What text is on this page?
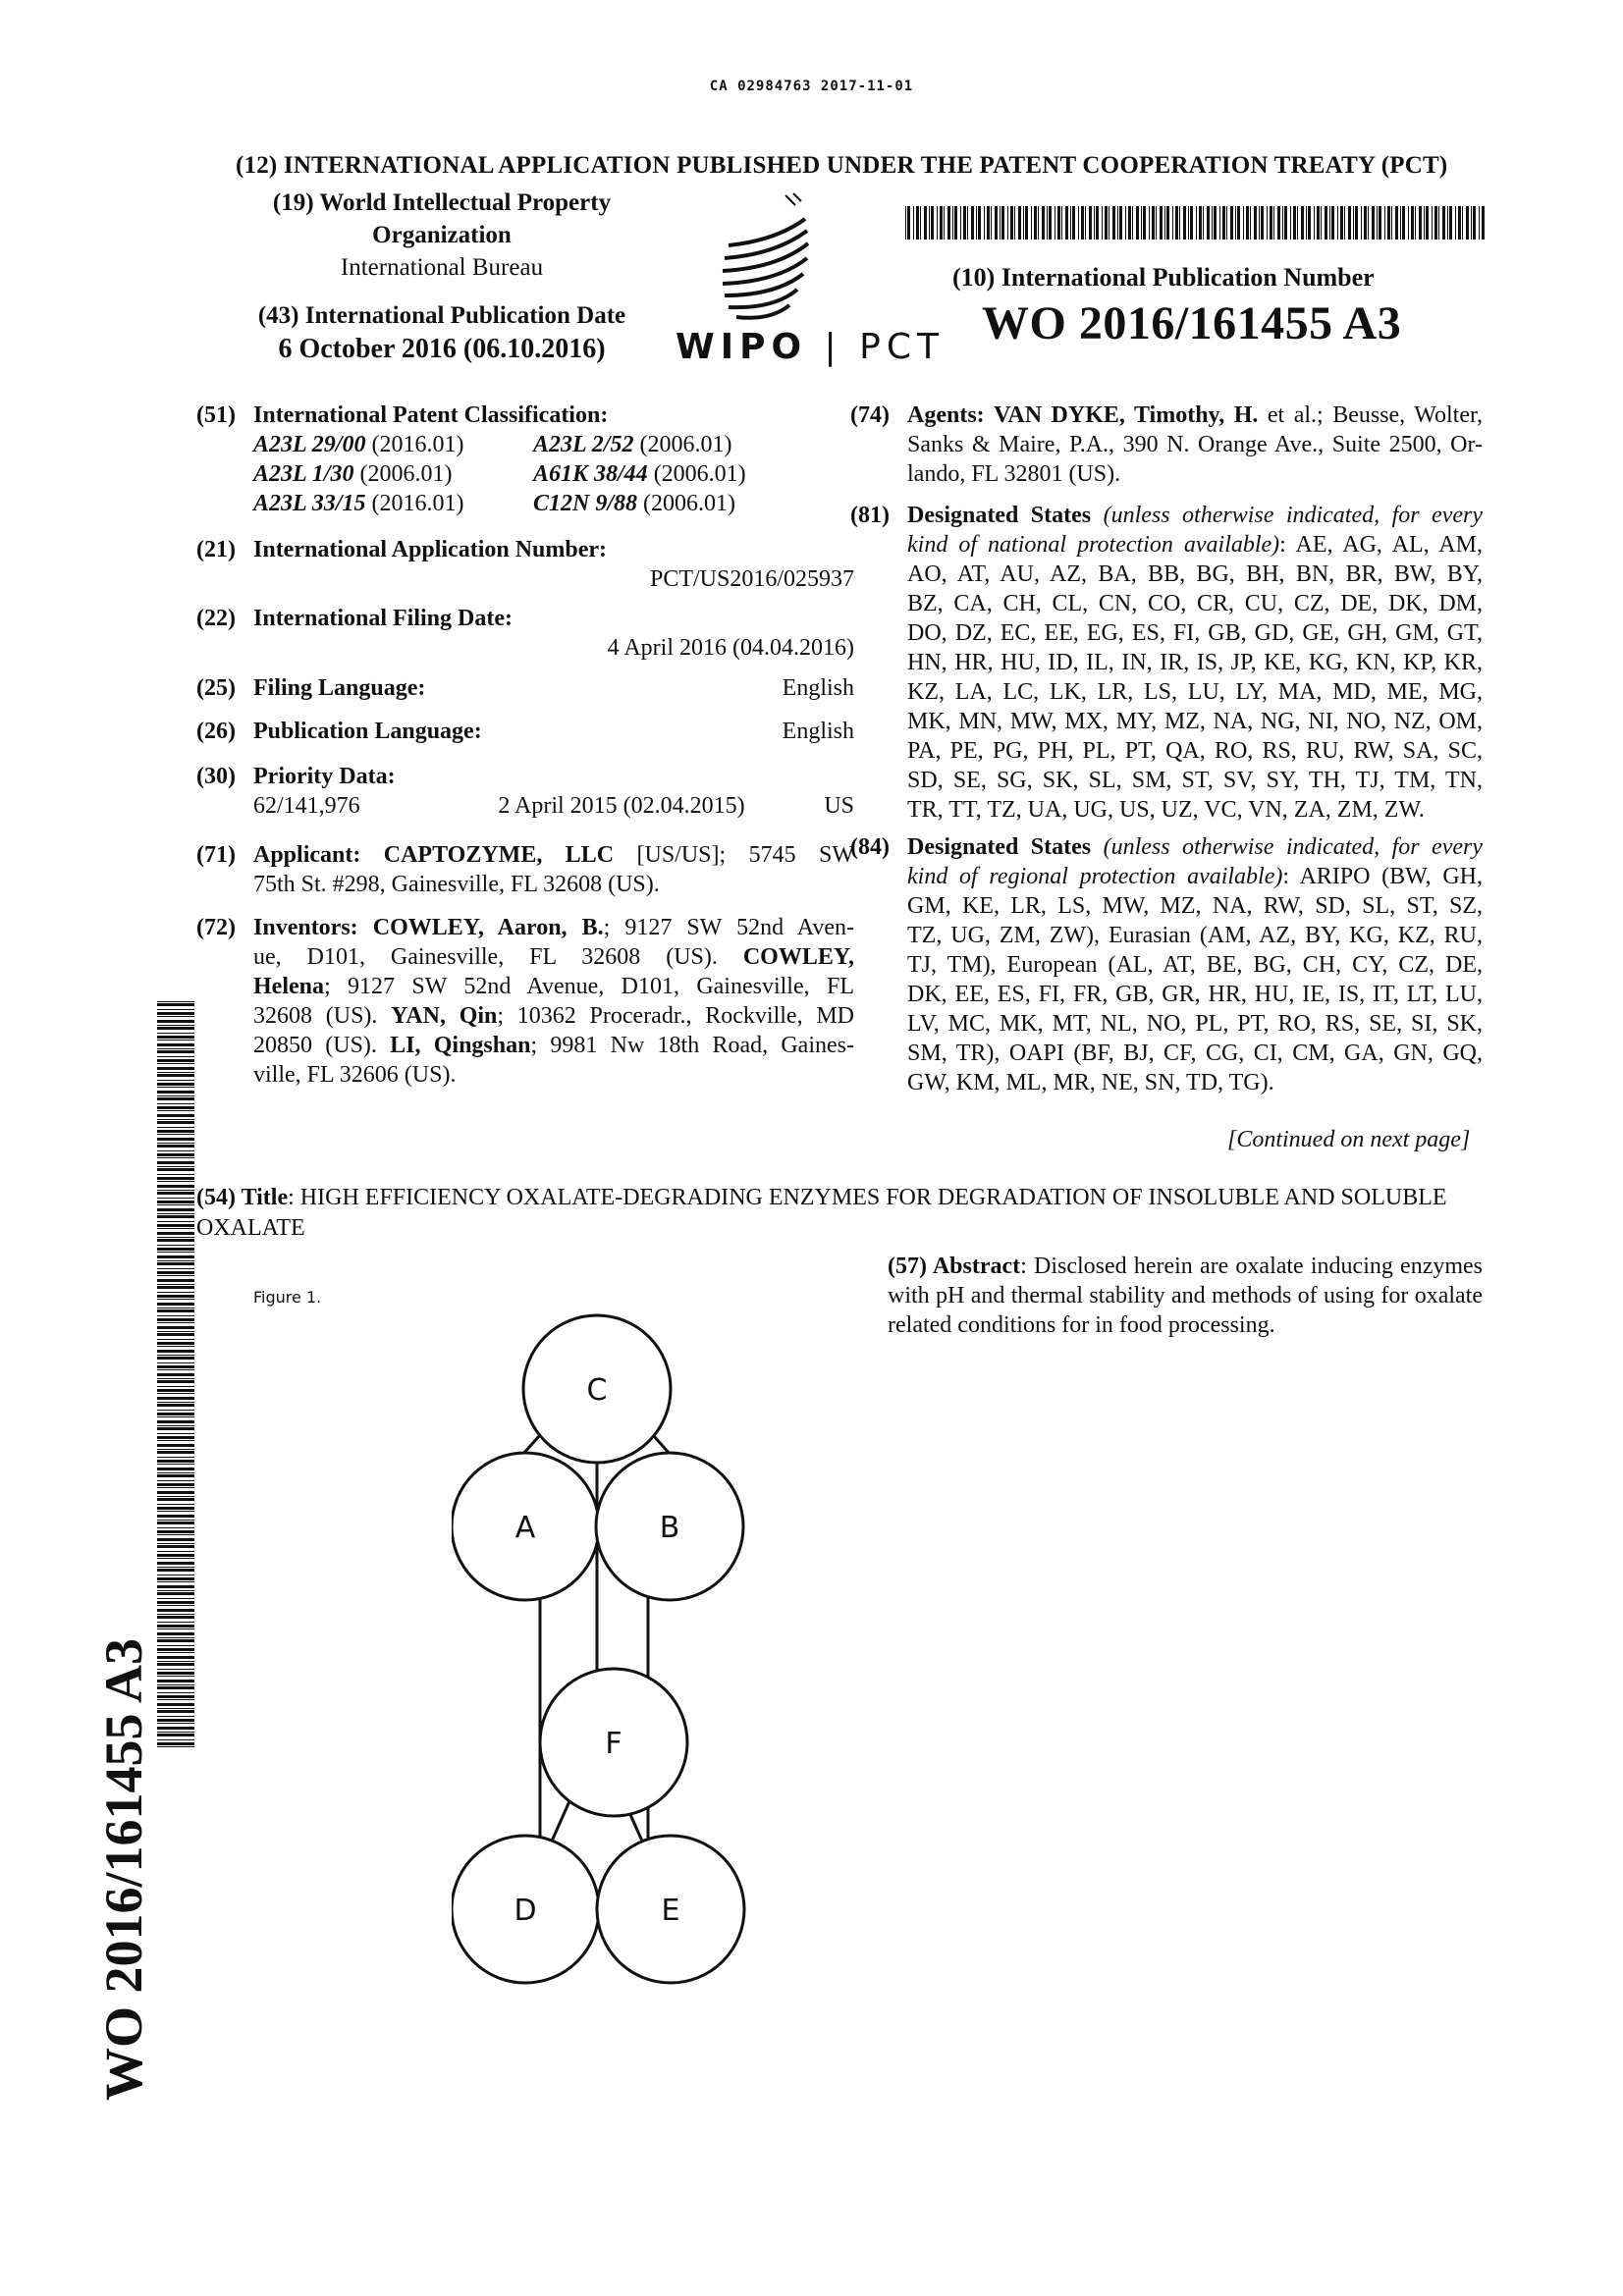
CA 02984763 2017-11-01
(12) INTERNATIONAL APPLICATION PUBLISHED UNDER THE PATENT COOPERATION TREATY (PCT)
(19) World Intellectual Property
Organization
International Bureau
(43) International Publication Date
6 October 2016 (06.10.2016)	WIPO | PCT
(10) International Publication Number
WO 2016/161455 A3
(51) International Patent Classification:
A23L 29/00 (2016.01)	A23L 2/52 (2006.01)
A23L 1/30 (2006.01)	A61K 38/44 (2006.01)
A23L 33/15 (2016.01)	C12N 9/88 (2006.01)
(21) International Application Number:
PCT/US2016/025937
(22) International Filing Date:
4 April 2016 (04.04.2016)
(25) Filing Language:	English
(26) Publication Language:	English
(30) Priority Data:
62/141,976	2 April 2015 (02.04.2015)	US
(71) Applicant: CAPTOZYME, LLC [US/US]; 5745 SW
75th St. #298, Gainesville, FL 32608 (US).
(72) Inventors: COWLEY, Aaron, B.; 9127 SW 52nd Aven-
ue, D101, Gainesville, FL 32608 (US). COWLEY,
Helena; 9127 SW 52nd Avenue, D101, Gainesville, FL
32608 (US). YAN, Qin; 10362 Proceradr., Rockville, MD
20850 (US). LI, Qingshan; 9981 Nw 18th Road, Gaines-
ville, FL 32606 (US).
(74) Agents: VAN DYKE, Timothy, H. et al.; Beusse, Wolter,
Sanks & Maire, P.A., 390 N. Orange Ave., Suite 2500, Or-
lando, FL 32801 (US).
(81) Designated States (unless otherwise indicated, for every
kind of national protection available): AE, AG, AL, AM,
AO, AT, AU, AZ, BA, BB, BG, BH, BN, BR, BW, BY,
BZ, CA, CH, CL, CN, CO, CR, CU, CZ, DE, DK, DM,
DO, DZ, EC, EE, EG, ES, FI, GB, GD, GE, GH, GM, GT,
HN, HR, HU, ID, IL, IN, IR, IS, JP, KE, KG, KN, KP, KR,
KZ, LA, LC, LK, LR, LS, LU, LY, MA, MD, ME, MG,
MK, MN, MW, MX, MY, MZ, NA, NG, NI, NO, NZ, OM,
PA, PE, PG, PH, PL, PT, QA, RO, RS, RU, RW, SA, SC,
SD, SE, SG, SK, SL, SM, ST, SV, SY, TH, TJ, TM, TN,
TR, TT, TZ, UA, UG, US, UZ, VC, VN, ZA, ZM, ZW.
(84) Designated States (unless otherwise indicated, for every
kind of regional protection available): ARIPO (BW, GH,
GM, KE, LR, LS, MW, MZ, NA, RW, SD, SL, ST, SZ,
TZ, UG, ZM, ZW), Eurasian (AM, AZ, BY, KG, KZ, RU,
TJ, TM), European (AL, AT, BE, BG, CH, CY, CZ, DE,
DK, EE, ES, FI, FR, GB, GR, HR, HU, IE, IS, IT, LT, LU,
LV, MC, MK, MT, NL, NO, PL, PT, RO, RS, SE, SI, SK,
SM, TR), OAPI (BF, BJ, CF, CG, CI, CM, GA, GN, GQ,
GW, KM, ML, MR, NE, SN, TD, TG).
[Continued on next page]
(54) Title: HIGH EFFICIENCY OXALATE-DEGRADING ENZYMES FOR DEGRADATION OF INSOLUBLE AND SOLUBLE OXALATE
(57) Abstract: Disclosed herein are oxalate inducing enzymes with pH and thermal stability and methods of using for oxalate related conditions for in food processing.
Figure 1.
C
A	B
F
D	E
WO 2016/161455 A3
